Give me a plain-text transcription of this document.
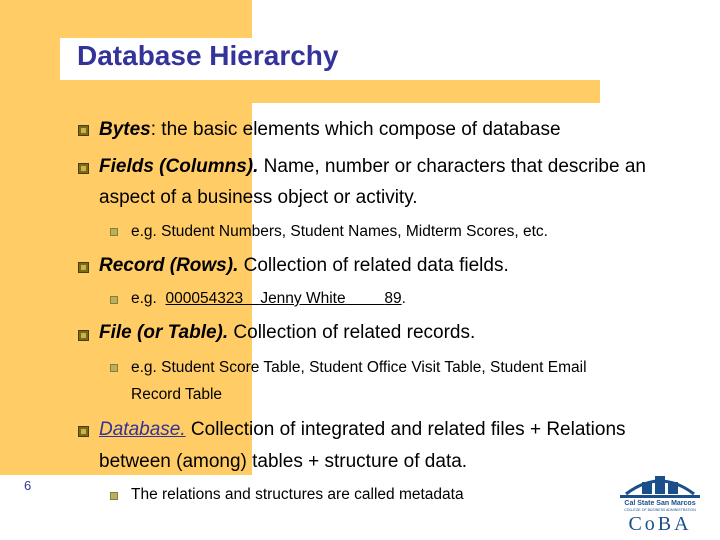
Database Hierarchy
Bytes: the basic elements which compose of database
Fields (Columns). Name, number or characters that describe an
aspect of a business object or activity.
e.g. Student Numbers, Student Names, Midterm Scores, etc.
Record (Rows). Collection of related data fields.
e.g. 000054323 Jenny White	89.
File (or Table). Collection of related records.
e.g. Student Score Table, Student Office Visit Table, Student Email
Record Table
Database. Collection of integrated and related files + Relations
between (among) tables + structure of data.
The relations and structures are called metadata
6
Cal State San Marcos
COLLEGE OF BUSINESS ADMINISTRATION
CoBA
